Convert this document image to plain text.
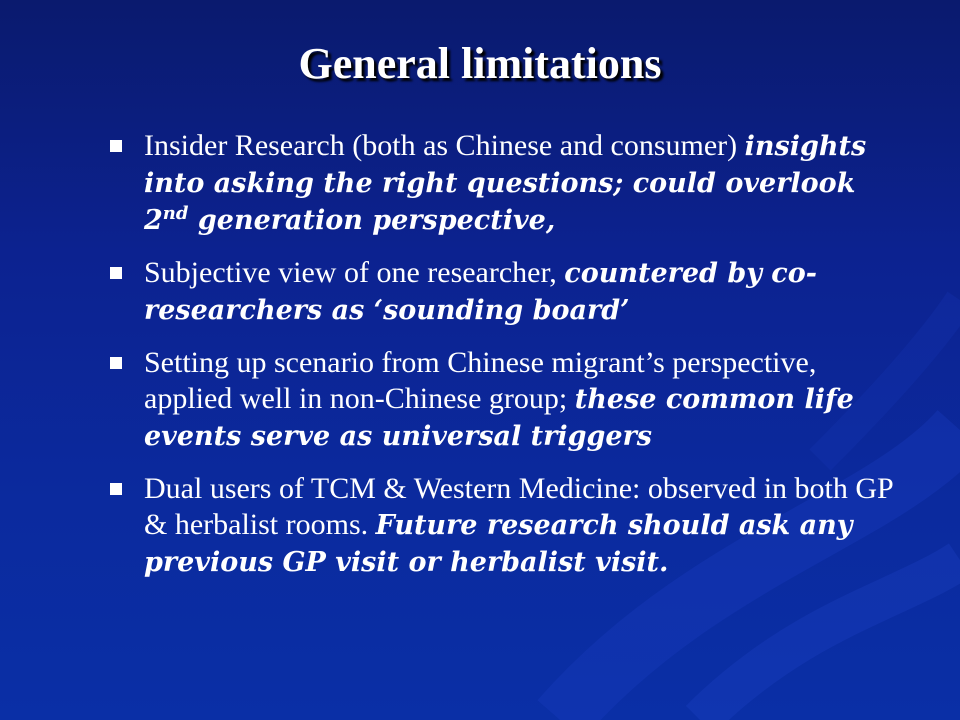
General limitations
Insider Research (both as Chinese and consumer) insights into asking the right questions; could overlook 2nd generation perspective,
Subjective view of one researcher, countered by co-researchers as ‘sounding board’
Setting up scenario from Chinese migrant’s perspective, applied well in non-Chinese group; these common life events serve as universal triggers
Dual users of TCM & Western Medicine: observed in both GP & herbalist rooms. Future research should ask any previous GP visit or herbalist visit.
